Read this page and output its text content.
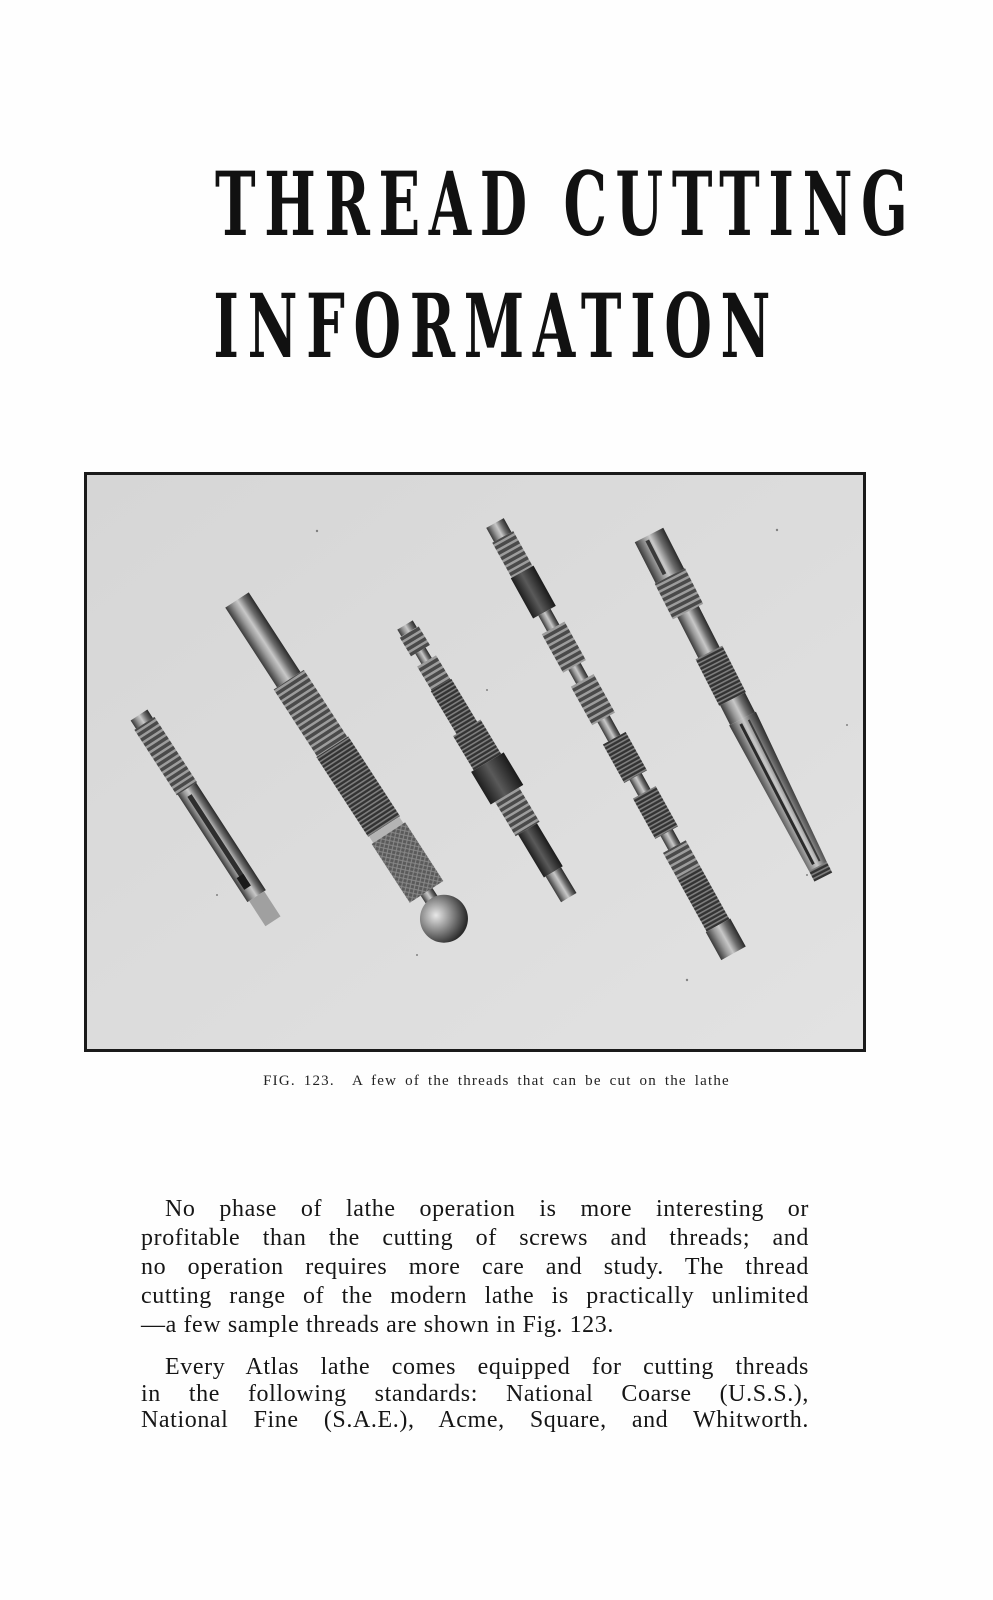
THREAD CUTTING
INFORMATION

FIG. 123. A few of the threads that can be cut on the lathe

No phase of lathe operation is more interesting or
profitable than the cutting of screws and threads; and
no operation requires more care and study. The thread
cutting range of the modern lathe is practically unlimited
—a few sample threads are shown in Fig. 123.
Every Atlas lathe comes equipped for cutting threads
in the following standards: National Coarse (U.S.S.),
National Fine (S.A.E.), Acme, Square, and Whitworth.
